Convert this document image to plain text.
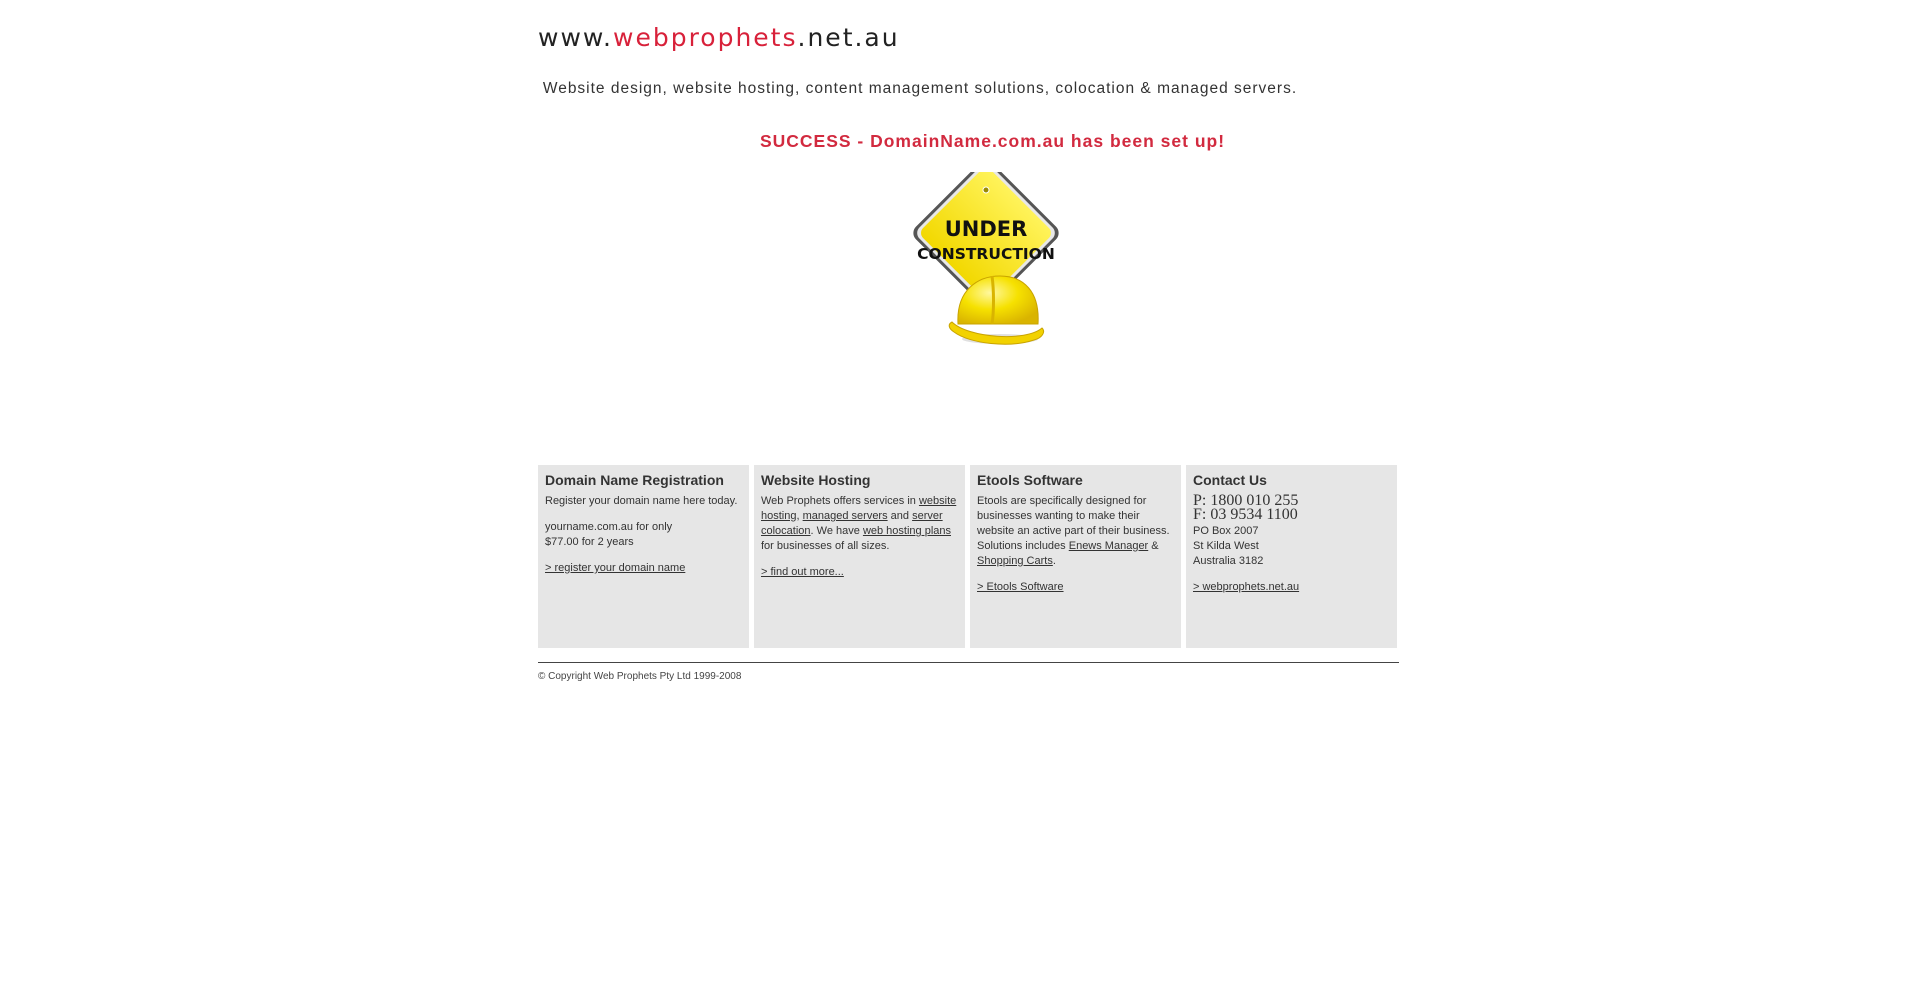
www.webprophets.net.au
Website design, website hosting, content management solutions, colocation & managed servers.
SUCCESS - DomainName.com.au has been set up!
UNDER
CONSTRUCTION
Domain Name Registration

Register your domain name here today.

yourname.com.au for only
$77.00 for 2 years

> register your domain name

Website Hosting

Web Prophets offers services in website hosting, managed servers and server colocation. We have web hosting plans for businesses of all sizes.

> find out more...

Etools Software

Etools are specifically designed for businesses wanting to make their website an active part of their business. Solutions includes Enews Manager & Shopping Carts.

> Etools Software

Contact Us
P: 1800 010 255
F: 03 9534 1100

PO Box 2007
St Kilda West
Australia 3182

> webprophets.net.au

© Copyright Web Prophets Pty Ltd 1999-2008
